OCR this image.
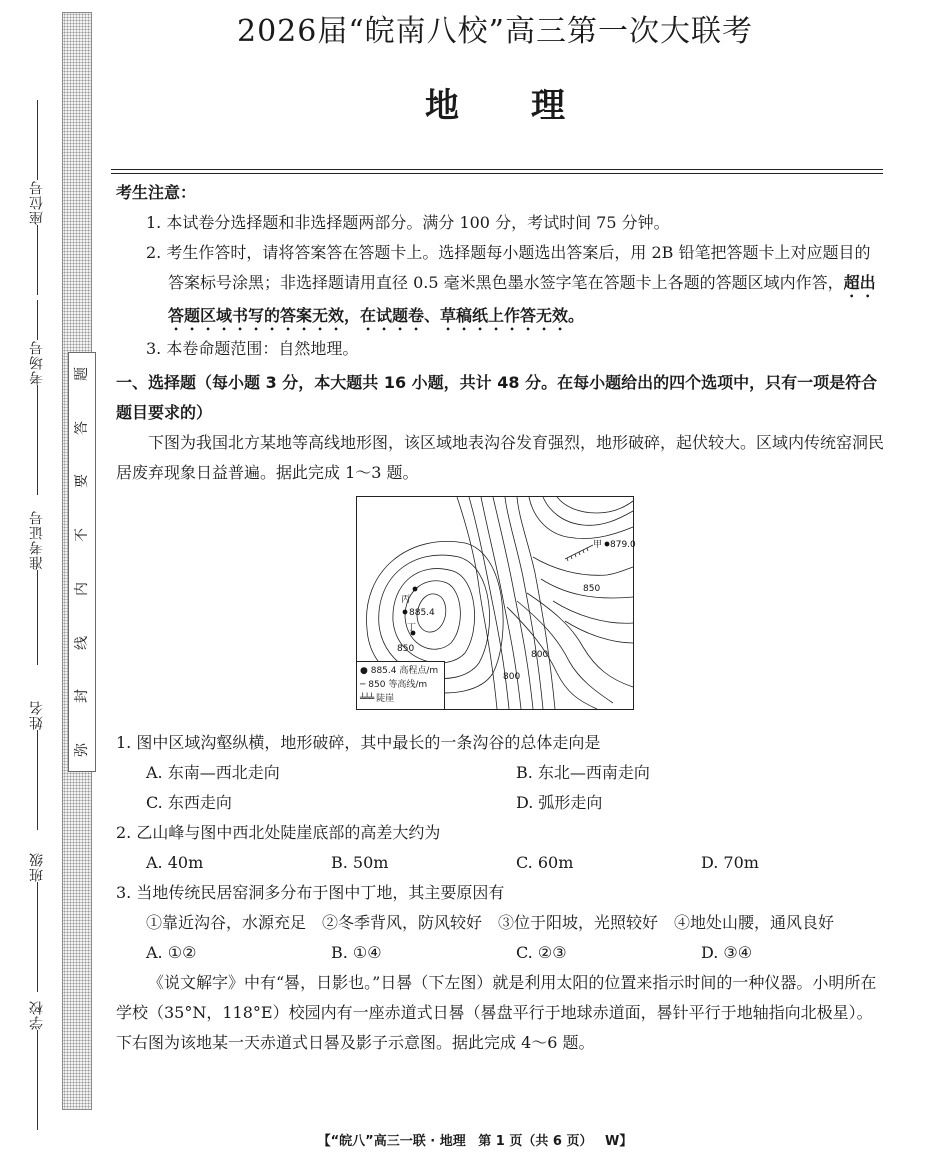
题
答
要
不
内
线
封
弥
座位号
考场号
准考证号
姓名
班级
学校
2026届“皖南八校”高三第一次大联考
地 理

考生注意：

1. 本试卷分选择题和非选择题两部分。满分 100 分，考试时间 75 分钟。

2. 考生作答时，请将答案答在答题卡上。选择题每小题选出答案后，用 2B 铅笔把答题卡上对应题目的答案标号涂黑；非选择题请用直径 0.5 毫米黑色墨水签字笔在答题卡上各题的答题区域内作答，超出答题区域书写的答案无效，在试题卷、草稿纸上作答无效。

3. 本卷命题范围：自然地理。

一、选择题（每小题 3 分，本大题共 16 小题，共计 48 分。在每小题给出的四个选项中，只有一项是符合题目要求的）

下图为我国北方某地等高线地形图，该区域地表沟谷发育强烈，地形破碎，起伏较大。区域内传统窑洞民居废弃现象日益普遍。据此完成 1～3 题。

甲 879.0
丙
885.4
丁
850
850
800
800
● 885.4 高程点/m
─ 850 等高线/m
╧╧╧ 陡崖

1. 图中区域沟壑纵横，地形破碎，其中最长的一条沟谷的总体走向是

A. 东南—西北走向	B. 东北—西南走向
C. 东西走向	D. 弧形走向

2. 乙山峰与图中西北处陡崖底部的高差大约为

A. 40m	B. 50m	C. 60m	D. 70m

3. 当地传统民居窑洞多分布于图中丁地，其主要原因有

①靠近沟谷，水源充足　②冬季背风，防风较好　③位于阳坡，光照较好　④地处山腰，通风良好

A. ①②	B. ①④	C. ②③	D. ③④

《说文解字》中有“晷，日影也。”日晷（下左图）就是利用太阳的位置来指示时间的一种仪器。小明所在学校（35°N，118°E）校园内有一座赤道式日晷（晷盘平行于地球赤道面，晷针平行于地轴指向北极星）。下右图为该地某一天赤道式日晷及影子示意图。据此完成 4～6 题。

【“皖八”高三一联 · 地理 第 1 页（共 6 页） W】
